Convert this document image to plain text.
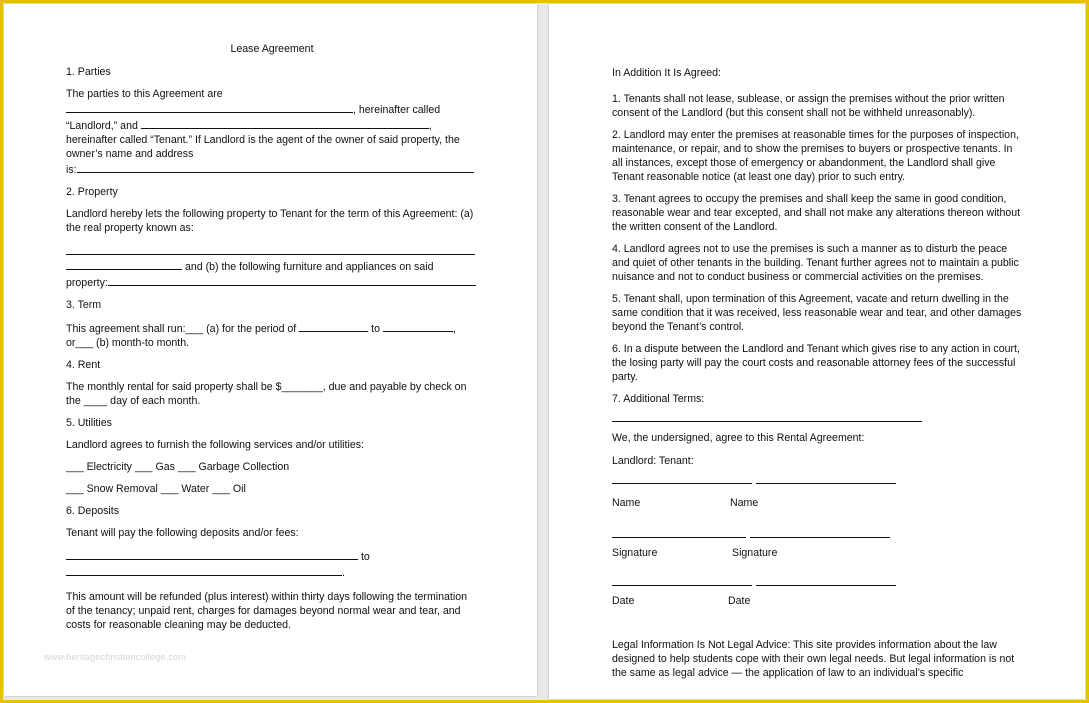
Lease Agreement
1. Parties

The parties to this Agreement are
, hereinafter called
“Landlord,” and	,
hereinafter called “Tenant.” If Landlord is the agent of the owner of said property, the owner’s name and address
is:

2. Property

Landlord hereby lets the following property to Tenant for the term of this Agreement: (a) the real property known as:

and (b) the following furniture and appliances on said
property:

3. Term

This agreement shall run:___ (a) for the period of	to	,
or___ (b) month-to month.

4. Rent

The monthly rental for said property shall be $_______, due and payable by check on
the ____ day of each month.

5. Utilities

Landlord agrees to furnish the following services and/or utilities:

___ Electricity ___ Gas ___ Garbage Collection

___ Snow Removal ___ Water ___ Oil

6. Deposits

Tenant will pay the following deposits and/or fees:

to
.

This amount will be refunded (plus interest) within thirty days following the termination of the tenancy; unpaid rent, charges for damages beyond normal wear and tear, and costs for reasonable cleaning may be deducted.

www.heritagechristiancollege.com

In Addition It Is Agreed:

1. Tenants shall not lease, sublease, or assign the premises without the prior written consent of the Landlord (but this consent shall not be withheld unreasonably).

2. Landlord may enter the premises at reasonable times for the purposes of inspection, maintenance, or repair, and to show the premises to buyers or prospective tenants. In all instances, except those of emergency or abandonment, the Landlord shall give Tenant reasonable notice (at least one day) prior to such entry.

3. Tenant agrees to occupy the premises and shall keep the same in good condition, reasonable wear and tear excepted, and shall not make any alterations thereon without the written consent of the Landlord.

4. Landlord agrees not to use the premises is such a manner as to disturb the peace and quiet of other tenants in the building. Tenant further agrees not to maintain a public nuisance and not to conduct business or commercial activities on the premises.

5. Tenant shall, upon termination of this Agreement, vacate and return dwelling in the same condition that it was received, less reasonable wear and tear, and other damages beyond the Tenant’s control.

6. In a dispute between the Landlord and Tenant which gives rise to any action in court, the losing party will pay the court costs and reasonable attorney fees of the successful party.

7. Additional Terms:

We, the undersigned, agree to this Rental Agreement:

Landlord: Tenant:

Name	Name
Signature	Signature
Date	Date

Legal Information Is Not Legal Advice: This site provides information about the law designed to help students cope with their own legal needs. But legal information is not the same as legal advice — the application of law to an individual’s specific
